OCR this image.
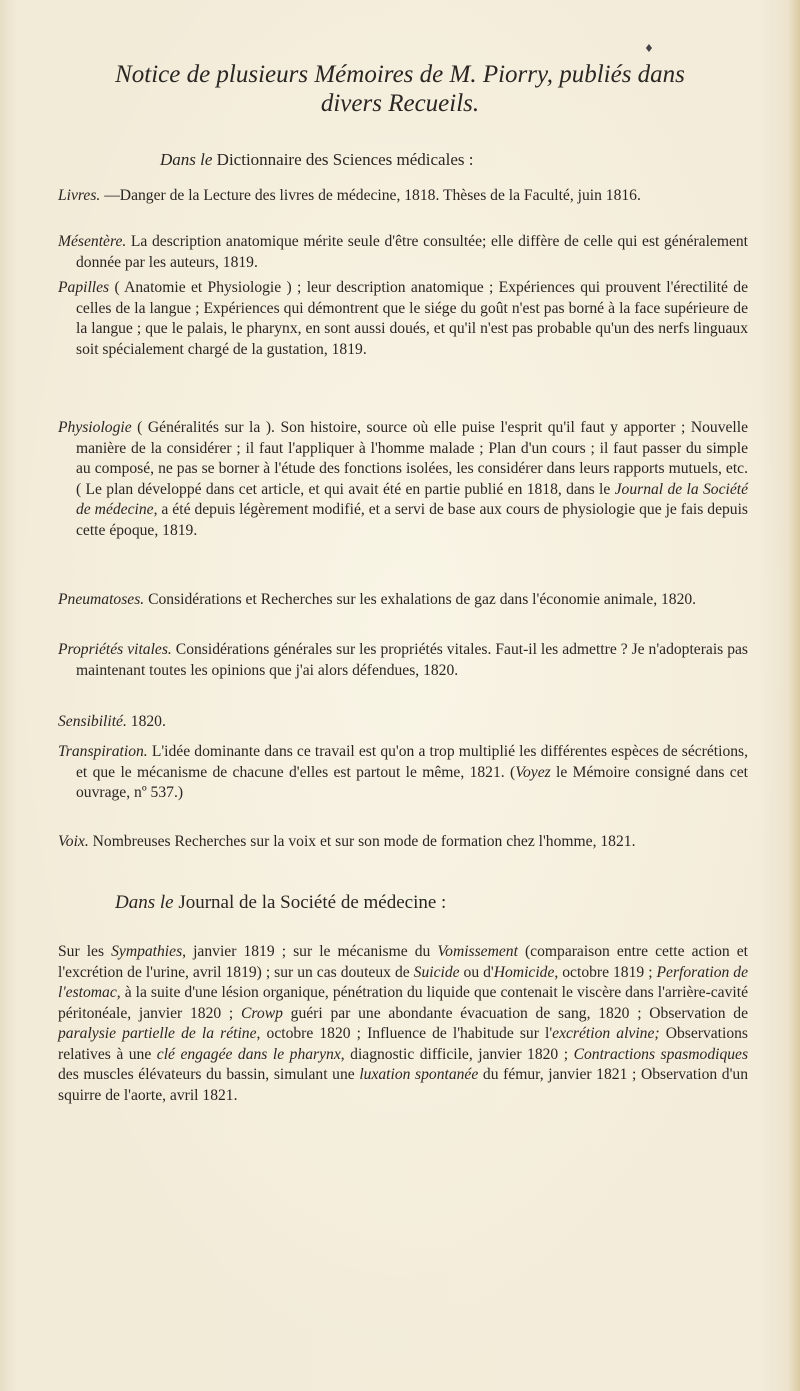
♦
Notice de plusieurs Mémoires de M. Piorry, publiés dans
divers Recueils.
Dans le Dictionnaire des Sciences médicales :

Livres. —Danger de la Lecture des livres de médecine, 1818. Thèses de la Faculté, juin 1816.

Mésentère. La description anatomique mérite seule d'être consultée; elle diffère de celle qui est généralement donnée par les auteurs, 1819.

Papilles ( Anatomie et Physiologie ) ; leur description anatomique ; Expériences qui prouvent l'érectilité de celles de la langue ; Expériences qui démontrent que le siége du goût n'est pas borné à la face supérieure de la langue ; que le palais, le pharynx, en sont aussi doués, et qu'il n'est pas probable qu'un des nerfs linguaux soit spécialement chargé de la gustation, 1819.

Physiologie ( Généralités sur la ). Son histoire, source où elle puise l'esprit qu'il faut y apporter ; Nouvelle manière de la considérer ; il faut l'appliquer à l'homme malade ; Plan d'un cours ; il faut passer du simple au composé, ne pas se borner à l'étude des fonctions isolées, les considérer dans leurs rapports mutuels, etc. ( Le plan développé dans cet article, et qui avait été en partie publié en 1818, dans le Journal de la Société de médecine, a été depuis légèrement modifié, et a servi de base aux cours de physiologie que je fais depuis cette époque, 1819.

Pneumatoses. Considérations et Recherches sur les exhalations de gaz dans l'économie animale, 1820.

Propriétés vitales. Considérations générales sur les propriétés vitales. Faut-il les admettre ? Je n'adopterais pas maintenant toutes les opinions que j'ai alors défendues, 1820.

Sensibilité. 1820.

Transpiration. L'idée dominante dans ce travail est qu'on a trop multiplié les différentes espèces de sécrétions, et que le mécanisme de chacune d'elles est partout le même, 1821. (Voyez le Mémoire consigné dans cet ouvrage, nº 537.)

Voix. Nombreuses Recherches sur la voix et sur son mode de formation chez l'homme, 1821.

Dans le Journal de la Société de médecine :

Sur les Sympathies, janvier 1819 ; sur le mécanisme du Vomissement (comparaison entre cette action et l'excrétion de l'urine, avril 1819) ; sur un cas douteux de Suicide ou d'Homicide, octobre 1819 ; Perforation de l'estomac, à la suite d'une lésion organique, pénétration du liquide que contenait le viscère dans l'arrière-cavité péritonéale, janvier 1820 ; Crowp guéri par une abondante évacuation de sang, 1820 ; Observation de paralysie partielle de la rétine, octobre 1820 ; Influence de l'habitude sur l'excrétion alvine; Observations relatives à une clé engagée dans le pharynx, diagnostic difficile, janvier 1820 ; Contractions spasmodiques des muscles élévateurs du bassin, simulant une luxation spontanée du fémur, janvier 1821 ; Observation d'un squirre de l'aorte, avril 1821.
